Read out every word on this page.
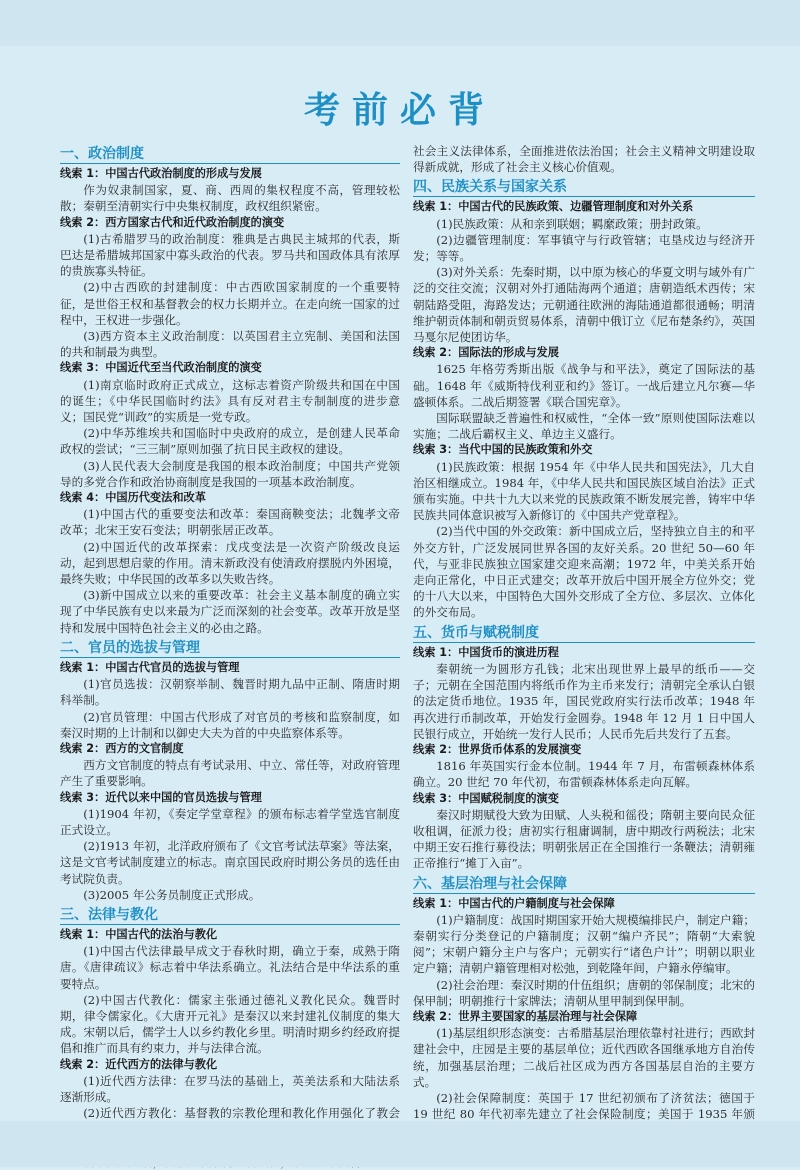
考前必背
一、政治制度
线索 1：中国古代政治制度的形成与发展
作为奴隶制国家，夏、商、西周的集权程度不高，管理较松散；秦朝至清朝实行中央集权制度，政权组织紧密。
线索 2：西方国家古代和近代政治制度的演变
(1)古希腊罗马的政治制度：雅典是古典民主城邦的代表，斯巴达是希腊城邦国家中寡头政治的代表。罗马共和国政体具有浓厚的贵族寡头特征。
(2)中古西欧的封建制度：中古西欧国家制度的一个重要特征，是世俗王权和基督教会的权力长期并立。在走向统一国家的过程中，王权进一步强化。
(3)西方资本主义政治制度：以英国君主立宪制、美国和法国的共和制最为典型。
线索 3：中国近代至当代政治制度的演变
(1)南京临时政府正式成立，这标志着资产阶级共和国在中国的诞生；《中华民国临时约法》具有反对君主专制制度的进步意义；国民党“训政”的实质是一党专政。
(2)中华苏维埃共和国临时中央政府的成立，是创建人民革命政权的尝试；“三三制”原则加强了抗日民主政权的建设。
(3)人民代表大会制度是我国的根本政治制度；中国共产党领导的多党合作和政治协商制度是我国的一项基本政治制度。
线索 4：中国历代变法和改革
(1)中国古代的重要变法和改革：秦国商鞅变法；北魏孝文帝改革；北宋王安石变法；明朝张居正改革。
(2)中国近代的改革探索：戊戌变法是一次资产阶级改良运动，起到思想启蒙的作用。清末新政没有使清政府摆脱内外困境，最终失败；中华民国的改革多以失败告终。
(3)新中国成立以来的重要改革：社会主义基本制度的确立实现了中华民族有史以来最为广泛而深刻的社会变革。改革开放是坚持和发展中国特色社会主义的必由之路。
二、官员的选拔与管理
线索 1：中国古代官员的选拔与管理
(1)官员选拔：汉朝察举制、魏晋时期九品中正制、隋唐时期科举制。
(2)官员管理：中国古代形成了对官员的考核和监察制度，如秦汉时期的上计制和以御史大夫为首的中央监察体系等。
线索 2：西方的文官制度
西方文官制度的特点有考试录用、中立、常任等，对政府管理产生了重要影响。
线索 3：近代以来中国的官员选拔与管理
(1)1904 年初，《奏定学堂章程》的颁布标志着学堂选官制度正式设立。
(2)1913 年初，北洋政府颁布了《文官考试法草案》等法案，这是文官考试制度建立的标志。南京国民政府时期公务员的选任由考试院负责。
(3)2005 年公务员制度正式形成。
三、法律与教化
线索 1：中国古代的法治与教化
(1)中国古代法律最早成文于春秋时期，确立于秦，成熟于隋唐。《唐律疏议》标志着中华法系确立。礼法结合是中华法系的重要特点。
(2)中国古代教化：儒家主张通过德礼义教化民众。魏晋时期，律令儒家化。《大唐开元礼》是秦汉以来封建礼仪制度的集大成。宋朝以后，儒学士人以乡约教化乡里。明清时期乡约经政府提倡和推广而具有约束力，并与法律合流。
线索 2：近代西方的法律与教化
(1)近代西方法律：在罗马法的基础上，英美法系和大陆法系逐渐形成。
(2)近代西方教化：基督教的宗教伦理和教化作用强化了教会
社会主义法律体系，全面推进依法治国；社会主义精神文明建设取得新成就，形成了社会主义核心价值观。
四、民族关系与国家关系
线索 1：中国古代的民族政策、边疆管理制度和对外关系
(1)民族政策：从和亲到联姻；羁縻政策；册封政策。
(2)边疆管理制度：军事镇守与行政管辖；屯垦戍边与经济开发；等等。
(3)对外关系：先秦时期，以中原为核心的华夏文明与域外有广泛的交往交流；汉朝对外打通陆海两个通道；唐朝造纸术西传；宋朝陆路受阻，海路发达；元朝通往欧洲的海陆通道都很通畅；明清维护朝贡体制和朝贡贸易体系，清朝中俄订立《尼布楚条约》，英国马戛尔尼使团访华。
线索 2：国际法的形成与发展
1625 年格劳秀斯出版《战争与和平法》，奠定了国际法的基础。1648 年《威斯特伐利亚和约》签订。一战后建立凡尔赛—华盛顿体系。二战后期签署《联合国宪章》。
国际联盟缺乏普遍性和权威性，“全体一致”原则使国际法难以实施；二战后霸权主义、单边主义盛行。
线索 3：当代中国的民族政策和外交
(1)民族政策：根据 1954 年《中华人民共和国宪法》，几大自治区相继成立。1984 年，《中华人民共和国民族区域自治法》正式颁布实施。中共十九大以来党的民族政策不断发展完善，铸牢中华民族共同体意识被写入新修订的《中国共产党章程》。
(2)当代中国的外交政策：新中国成立后，坚持独立自主的和平外交方针，广泛发展同世界各国的友好关系。20 世纪 50—60 年代，与亚非民族独立国家建交迎来高潮；1972 年，中美关系开始走向正常化，中日正式建交；改革开放后中国开展全方位外交；党的十八大以来，中国特色大国外交形成了全方位、多层次、立体化的外交布局。
五、货币与赋税制度
线索 1：中国货币的演进历程
秦朝统一为圆形方孔钱；北宋出现世界上最早的纸币——交子；元朝在全国范围内将纸币作为主币来发行；清朝完全承认白银的法定货币地位。1935 年，国民党政府实行法币改革；1948 年再次进行币制改革，开始发行金圆券。1948 年 12 月 1 日中国人民银行成立，开始统一发行人民币；人民币先后共发行了五套。
线索 2：世界货币体系的发展演变
1816 年英国实行金本位制。1944 年 7 月，布雷顿森林体系确立。20 世纪 70 年代初，布雷顿森林体系走向瓦解。
线索 3：中国赋税制度的演变
秦汉时期赋役大致为田赋、人头税和徭役；隋朝主要向民众征收租调，征派力役；唐初实行租庸调制，唐中期改行两税法；北宋中期王安石推行募役法；明朝张居正在全国推行一条鞭法；清朝雍正帝推行“摊丁入亩”。
六、基层治理与社会保障
线索 1：中国古代的户籍制度与社会保障
(1)户籍制度：战国时期国家开始大规模编排民户，制定户籍；秦朝实行分类登记的户籍制度；汉朝“编户齐民”；隋朝“大索貌阅”；宋朝户籍分主户与客户；元朝实行“诸色户计”；明朝以职业定户籍；清朝户籍管理相对松弛，到乾隆年间，户籍永停编审。
(2)社会治理：秦汉时期的什伍组织；唐朝的邻保制度；北宋的保甲制；明朝推行十家牌法；清朝从里甲制到保甲制。
线索 2：世界主要国家的基层治理与社会保障
(1)基层组织形态演变：古希腊基层治理依靠村社进行；西欧封建社会中，庄园是主要的基层单位；近代西欧各国继承地方自治传统，加强基层治理；二战后社区成为西方各国基层自治的主要方式。
(2)社会保障制度：英国于 17 世纪初颁布了济贫法；德国于 19 世纪 80 年代初率先建立了社会保险制度；美国于 1935 年颁
